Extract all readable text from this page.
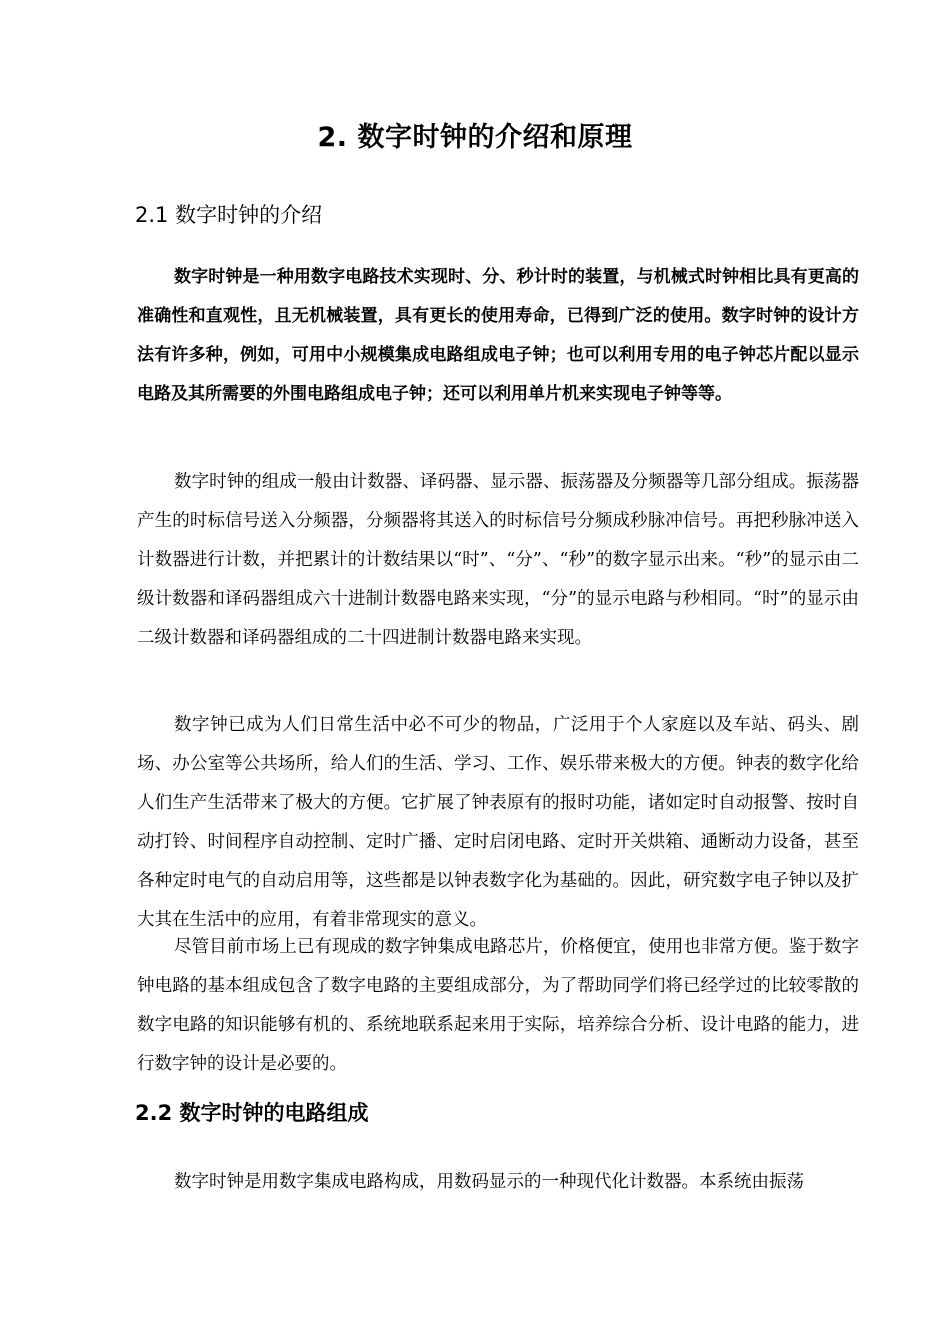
2. 数字时钟的介绍和原理
2.1 数字时钟的介绍

数字时钟是一种用数字电路技术实现时、分、秒计时的装置，与机械式时钟相比具有更高的准确性和直观性，且无机械装置，具有更长的使用寿命，已得到广泛的使用。数字时钟的设计方法有许多种，例如，可用中小规模集成电路组成电子钟；也可以利用专用的电子钟芯片配以显示电路及其所需要的外围电路组成电子钟；还可以利用单片机来实现电子钟等等。

数字时钟的组成一般由计数器、译码器、显示器、振荡器及分频器等几部分组成。振荡器产生的时标信号送入分频器，分频器将其送入的时标信号分频成秒脉冲信号。再把秒脉冲送入计数器进行计数，并把累计的计数结果以“时”、“分”、“秒”的数字显示出来。“秒”的显示由二级计数器和译码器组成六十进制计数器电路来实现，“分”的显示电路与秒相同。“时”的显示由二级计数器和译码器组成的二十四进制计数器电路来实现。

数字钟已成为人们日常生活中必不可少的物品，广泛用于个人家庭以及车站、码头、剧场、办公室等公共场所，给人们的生活、学习、工作、娱乐带来极大的方便。钟表的数字化给人们生产生活带来了极大的方便。它扩展了钟表原有的报时功能，诸如定时自动报警、按时自动打铃、时间程序自动控制、定时广播、定时启闭电路、定时开关烘箱、通断动力设备，甚至各种定时电气的自动启用等，这些都是以钟表数字化为基础的。因此，研究数字电子钟以及扩大其在生活中的应用，有着非常现实的意义。

尽管目前市场上已有现成的数字钟集成电路芯片，价格便宜，使用也非常方便。鉴于数字钟电路的基本组成包含了数字电路的主要组成部分，为了帮助同学们将已经学过的比较零散的数字电路的知识能够有机的、系统地联系起来用于实际，培养综合分析、设计电路的能力，进行数字钟的设计是必要的。

2.2 数字时钟的电路组成

数字时钟是用数字集成电路构成，用数码显示的一种现代化计数器。本系统由振荡
